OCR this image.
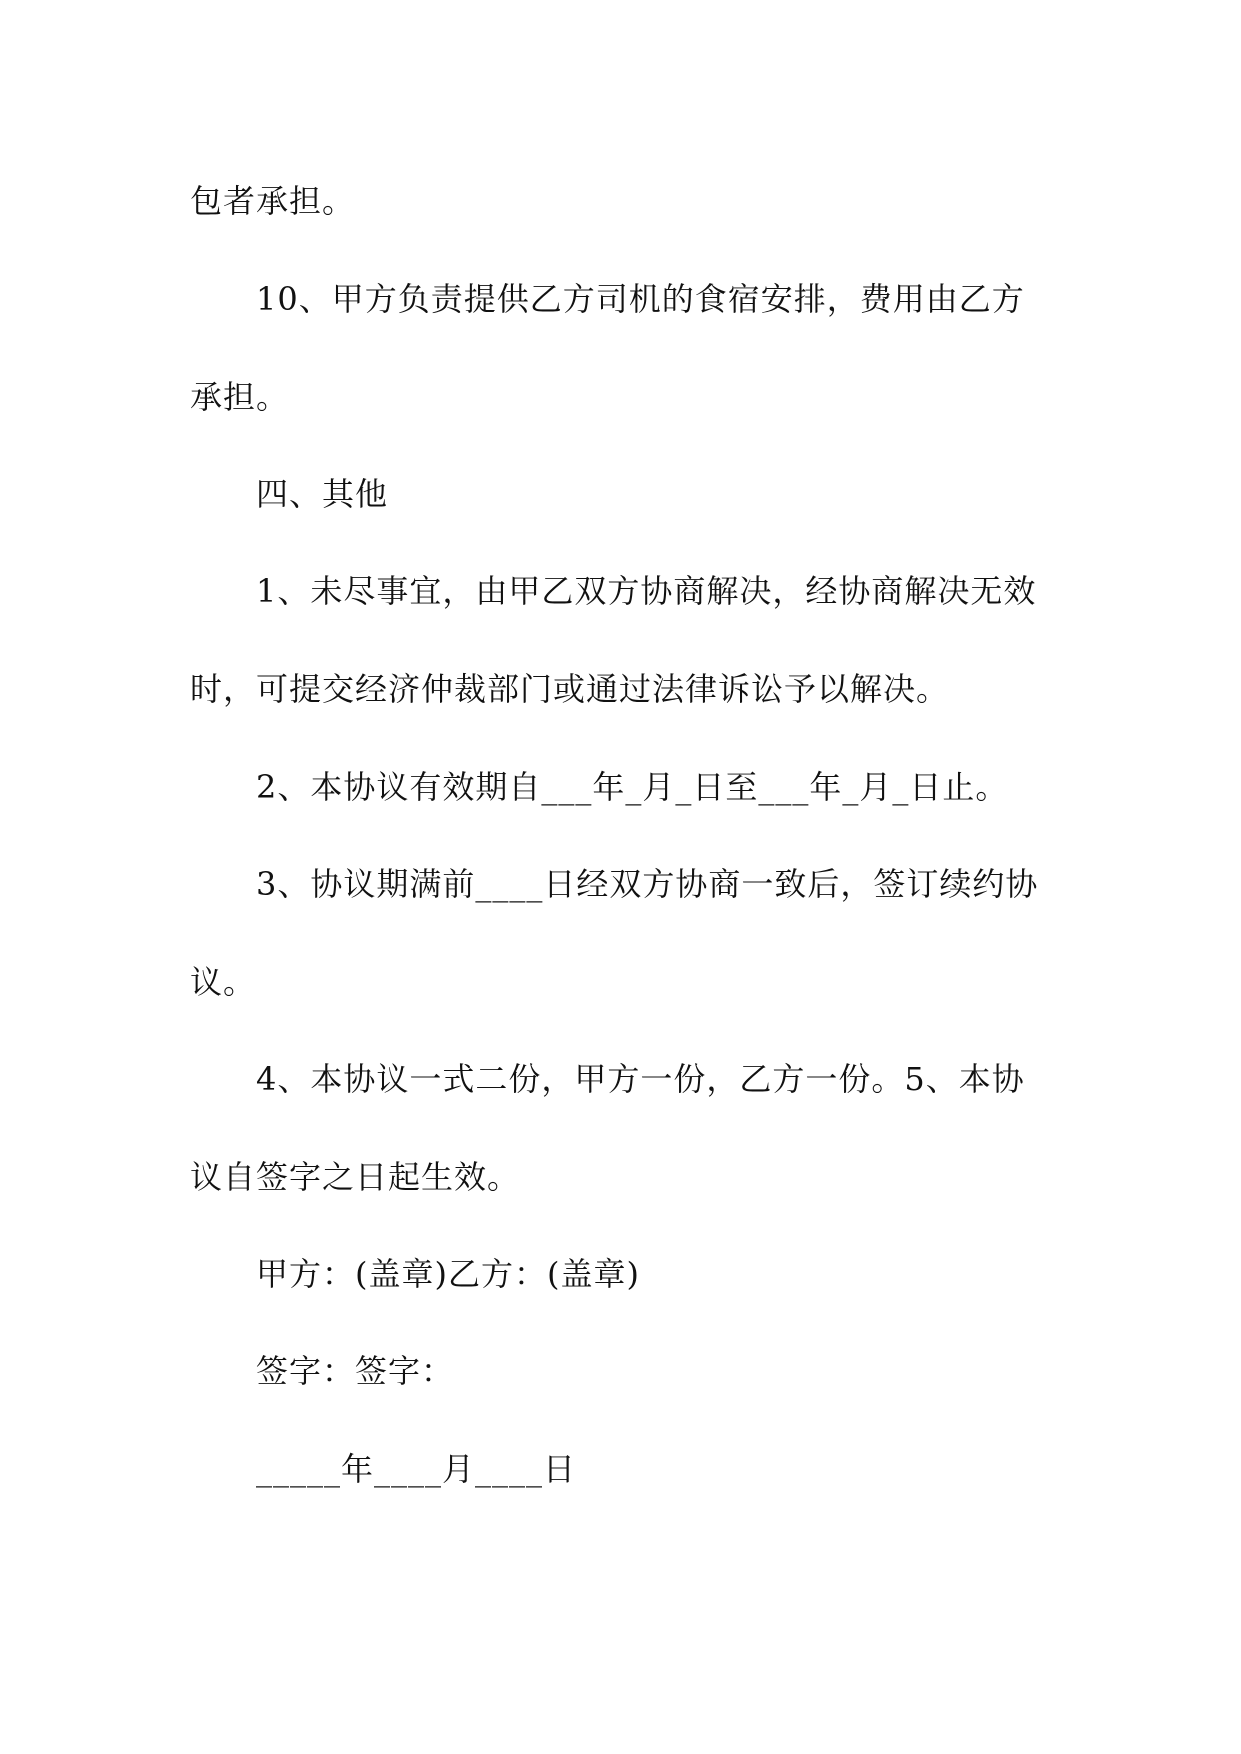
包者承担。
10、甲方负责提供乙方司机的食宿安排，费用由乙方
承担。
四、其他
1、未尽事宜，由甲乙双方协商解决，经协商解决无效
时，可提交经济仲裁部门或通过法律诉讼予以解决。
2、本协议有效期自___年_月_日至___年_月_日止。
3、协议期满前____日经双方协商一致后，签订续约协
议。
4、本协议一式二份，甲方一份，乙方一份。5、本协
议自签字之日起生效。
甲方：(盖章)乙方：(盖章)
签字：签字：
_____年____月____日
